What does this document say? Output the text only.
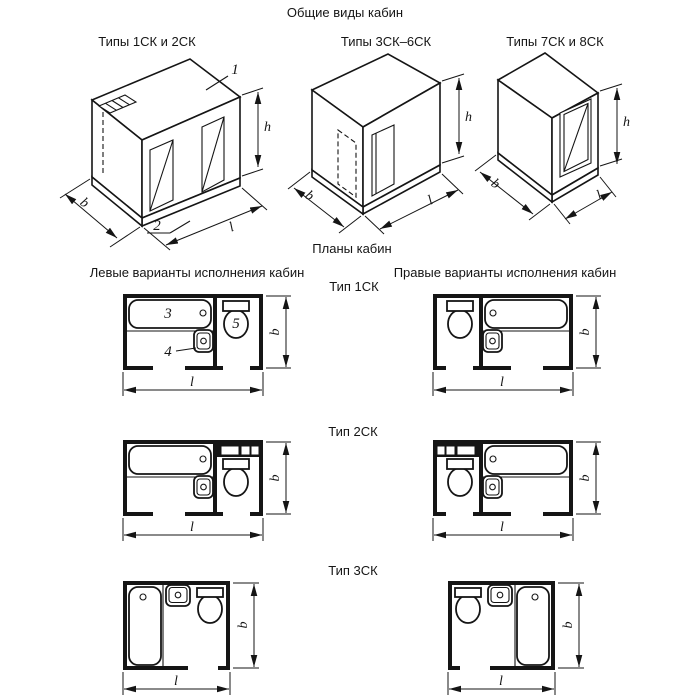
Общие виды кабин
Типы 1СК и 2СК	Типы 3СК–6СК	Типы 7СК и 8СК
1
2
h
b
l
h
b	l
h
b
l
Планы кабин
Левые варианты исполнения кабин	Правые варианты исполнения кабин
Тип 1СК
Тип 2СК
Тип 3СК
3
4
5 b
l
b
l
b
l
b
l
b
l
b
l
